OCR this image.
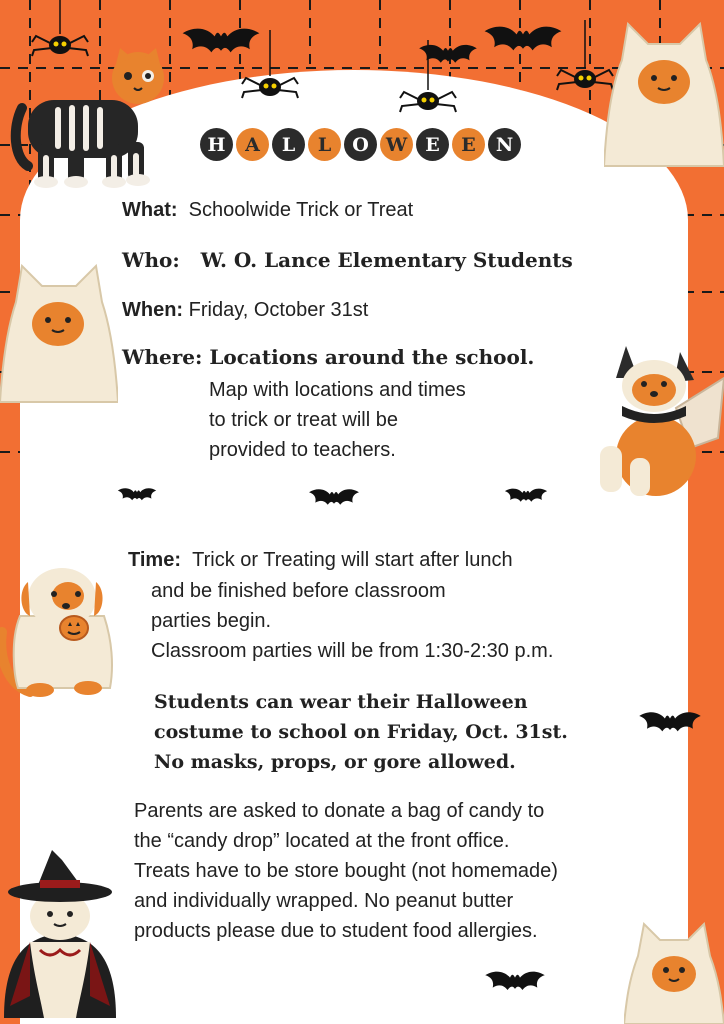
H	A	L	L	O W E	E	N
What: Schoolwide Trick or Treat
Who: W. O. Lance Elementary Students
When: Friday, October 31st
Where: Locations around the school.
Map with locations and times
to trick or treat will be
provided to teachers.
Time: Trick or Treating will start after lunch
and be finished before classroom
parties begin.
Classroom parties will be from 1:30-2:30 p.m.
Students can wear their Halloween
costume to school on Friday, Oct. 31st.
No masks, props, or gore allowed.
Parents are asked to donate a bag of candy to
the “candy drop” located at the front office.
Treats have to be store bought (not homemade)
and individually wrapped. No peanut butter
products please due to student food allergies.
